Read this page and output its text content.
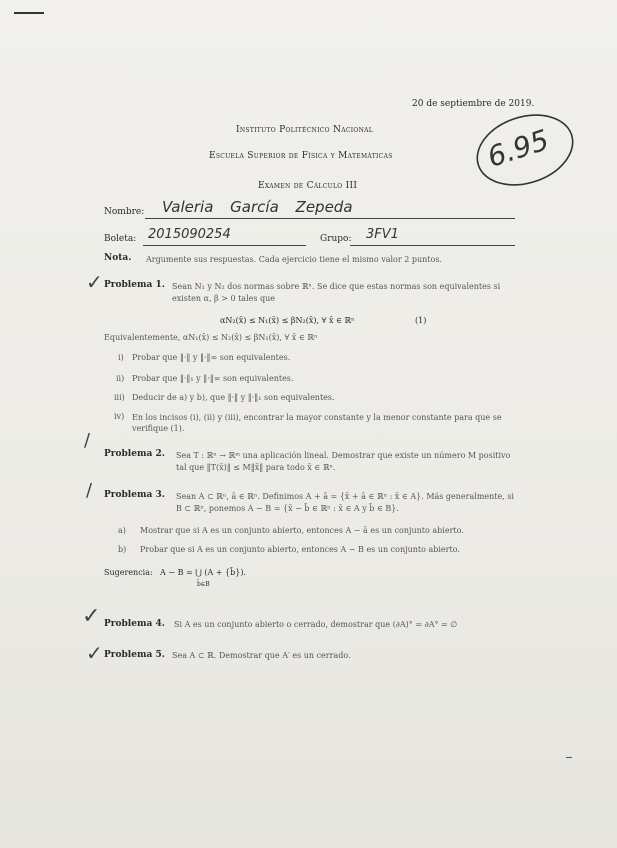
20 de septiembre de 2019.
Instituto Politécnico Nacional
Escuela Superior de Física y Matemáticas
Examen de Cálculo III
6.95
Nombre: Valeria García Zepeda
Boleta: 2015090254	Grupo: 3FV1
Nota. Argumente sus respuestas. Cada ejercicio tiene el mismo valor 2 puntos.
✓
/
/
✓
✓
Problema 1. Sean N₁ y N₂ dos normas sobre ℝⁿ. Se dice que estas normas son equivalentes si existen α, β > 0 tales que
αN₂(x̄) ≤ N₁(x̄) ≤ βN₂(x̄), ∀ x̄ ∈ ℝⁿ	(1)
Equivalentemente, αN₁(x̄) ≤ N₂(x̄) ≤ βN₁(x̄), ∀ x̄ ∈ ℝⁿ
i) Probar que ‖·‖ y ‖·‖∞ son equivalentes.
ii) Probar que ‖·‖₁ y ‖·‖∞ son equivalentes.
iii) Deducir de a) y b), que ‖·‖ y ‖·‖₁ son equivalentes.
iv) En los incisos (i), (ii) y (iii), encontrar la mayor constante y la menor constante para que se verifique (1).
Problema 2. Sea T : ℝⁿ → ℝᵐ una aplicación lineal. Demostrar que existe un número M positivo tal que ‖T(x̄)‖ ≤ M‖x̄‖ para todo x̄ ∈ ℝⁿ.
Problema 3. Sean A ⊂ ℝⁿ, ā ∈ ℝⁿ. Definimos A + ā = {x̄ + ā ∈ ℝⁿ : x̄ ∈ A}. Más generalmente, si B ⊂ ℝⁿ, ponemos A − B = {x̄ − b̄ ∈ ℝⁿ : x̄ ∈ A y b̄ ∈ B}.
a) Mostrar que si A es un conjunto abierto, entonces A − ā es un conjunto abierto.
b) Probar que si A es un conjunto abierto, entonces A − B es un conjunto abierto.
Sugerencia: A − B = ⋃ (A + {b̄}).
b̄∈B
Problema 4. Si A es un conjunto abierto o cerrado, demostrar que (∂A)° = ∂A° = ∅
Problema 5. Sea A ⊂ ℝ. Demostrar que A′ es un cerrado.
